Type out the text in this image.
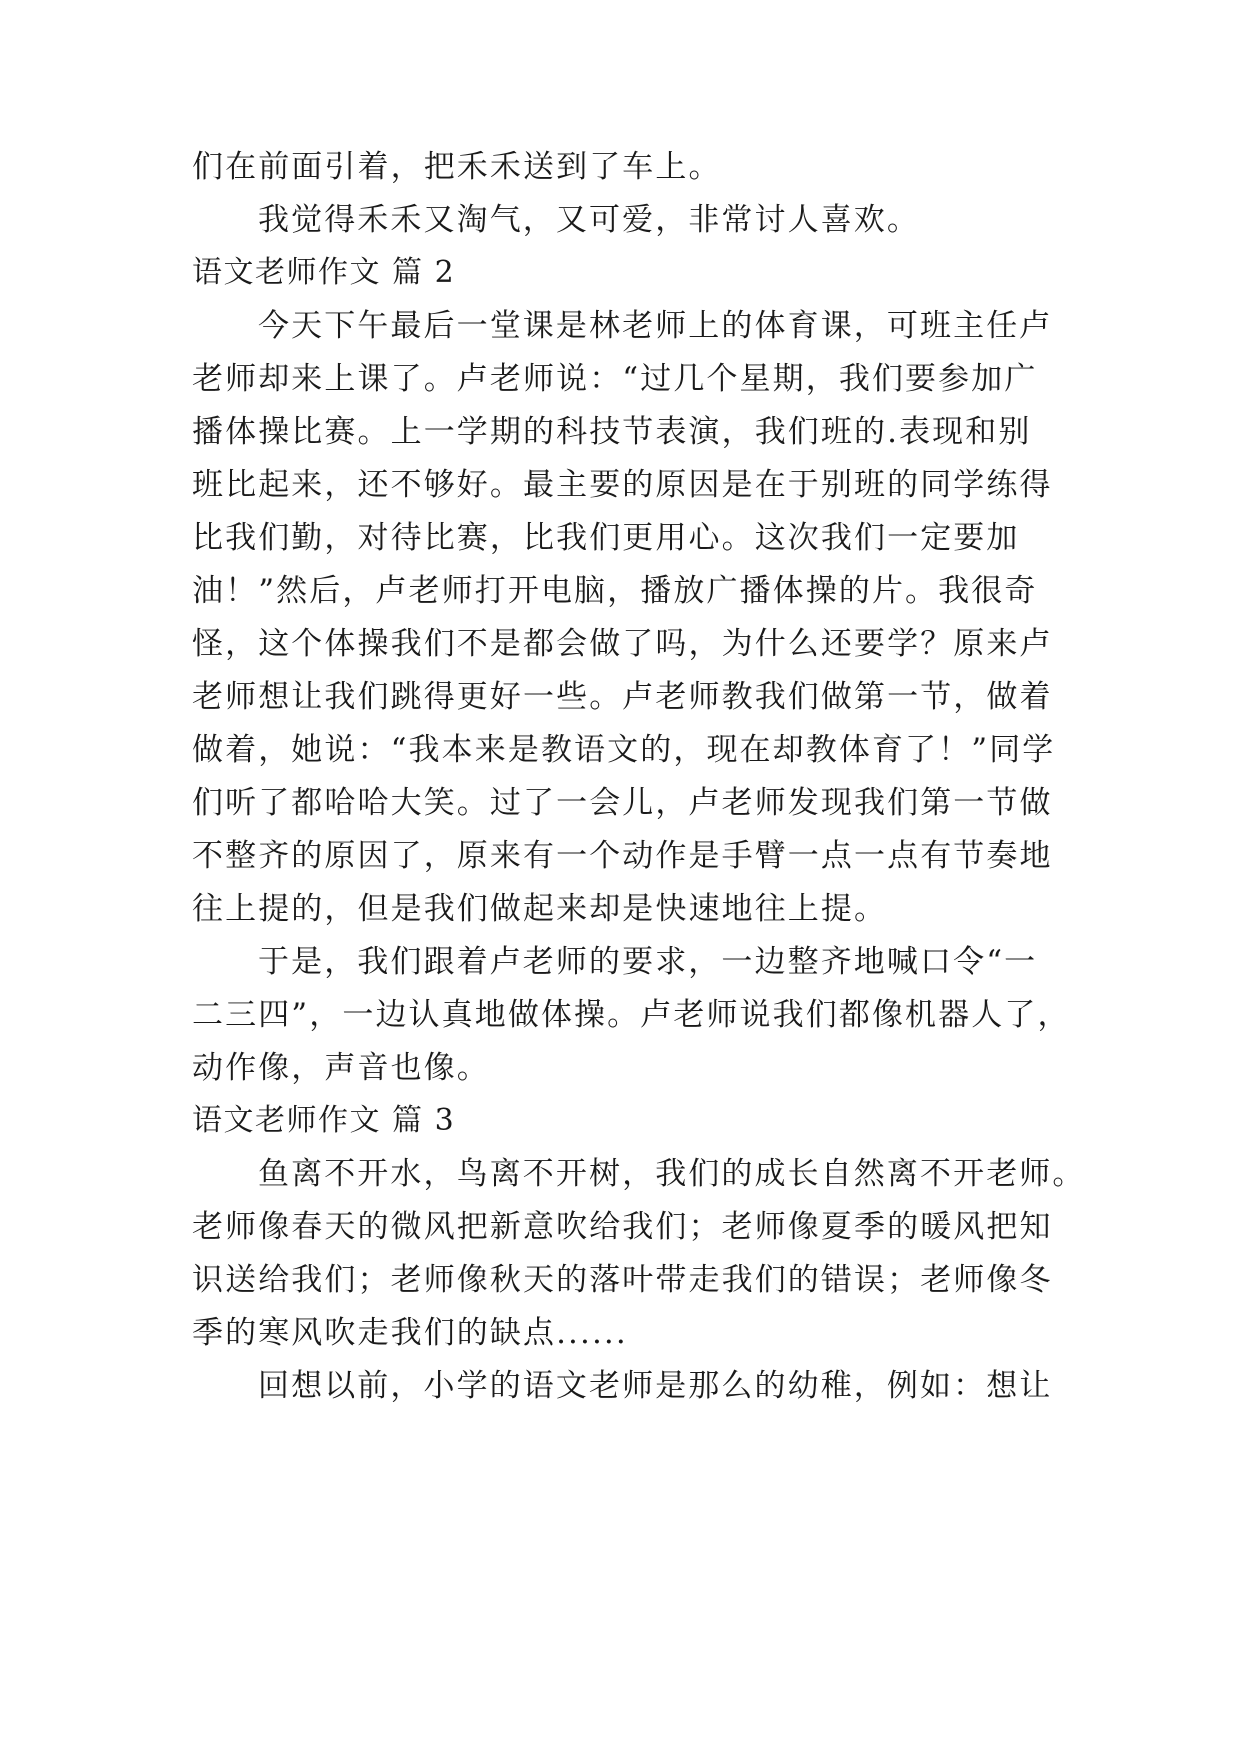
们在前面引着，把禾禾送到了车上。
我觉得禾禾又淘气，又可爱，非常讨人喜欢。
语文老师作文 篇 2
今天下午最后一堂课是林老师上的体育课，可班主任卢
老师却来上课了。卢老师说：“过几个星期，我们要参加广
播体操比赛。上一学期的科技节表演，我们班的.表现和别
班比起来，还不够好。最主要的原因是在于别班的同学练得
比我们勤，对待比赛，比我们更用心。这次我们一定要加
油！”然后，卢老师打开电脑，播放广播体操的片。我很奇
怪，这个体操我们不是都会做了吗，为什么还要学？原来卢
老师想让我们跳得更好一些。卢老师教我们做第一节，做着
做着，她说：“我本来是教语文的，现在却教体育了！”同学
们听了都哈哈大笑。过了一会儿，卢老师发现我们第一节做
不整齐的原因了，原来有一个动作是手臂一点一点有节奏地
往上提的，但是我们做起来却是快速地往上提。
于是，我们跟着卢老师的要求，一边整齐地喊口令“一
二三四”，一边认真地做体操。卢老师说我们都像机器人了，
动作像，声音也像。
语文老师作文 篇 3
鱼离不开水，鸟离不开树，我们的成长自然离不开老师。
老师像春天的微风把新意吹给我们；老师像夏季的暖风把知
识送给我们；老师像秋天的落叶带走我们的错误；老师像冬
季的寒风吹走我们的缺点......
回想以前，小学的语文老师是那么的幼稚，例如：想让
